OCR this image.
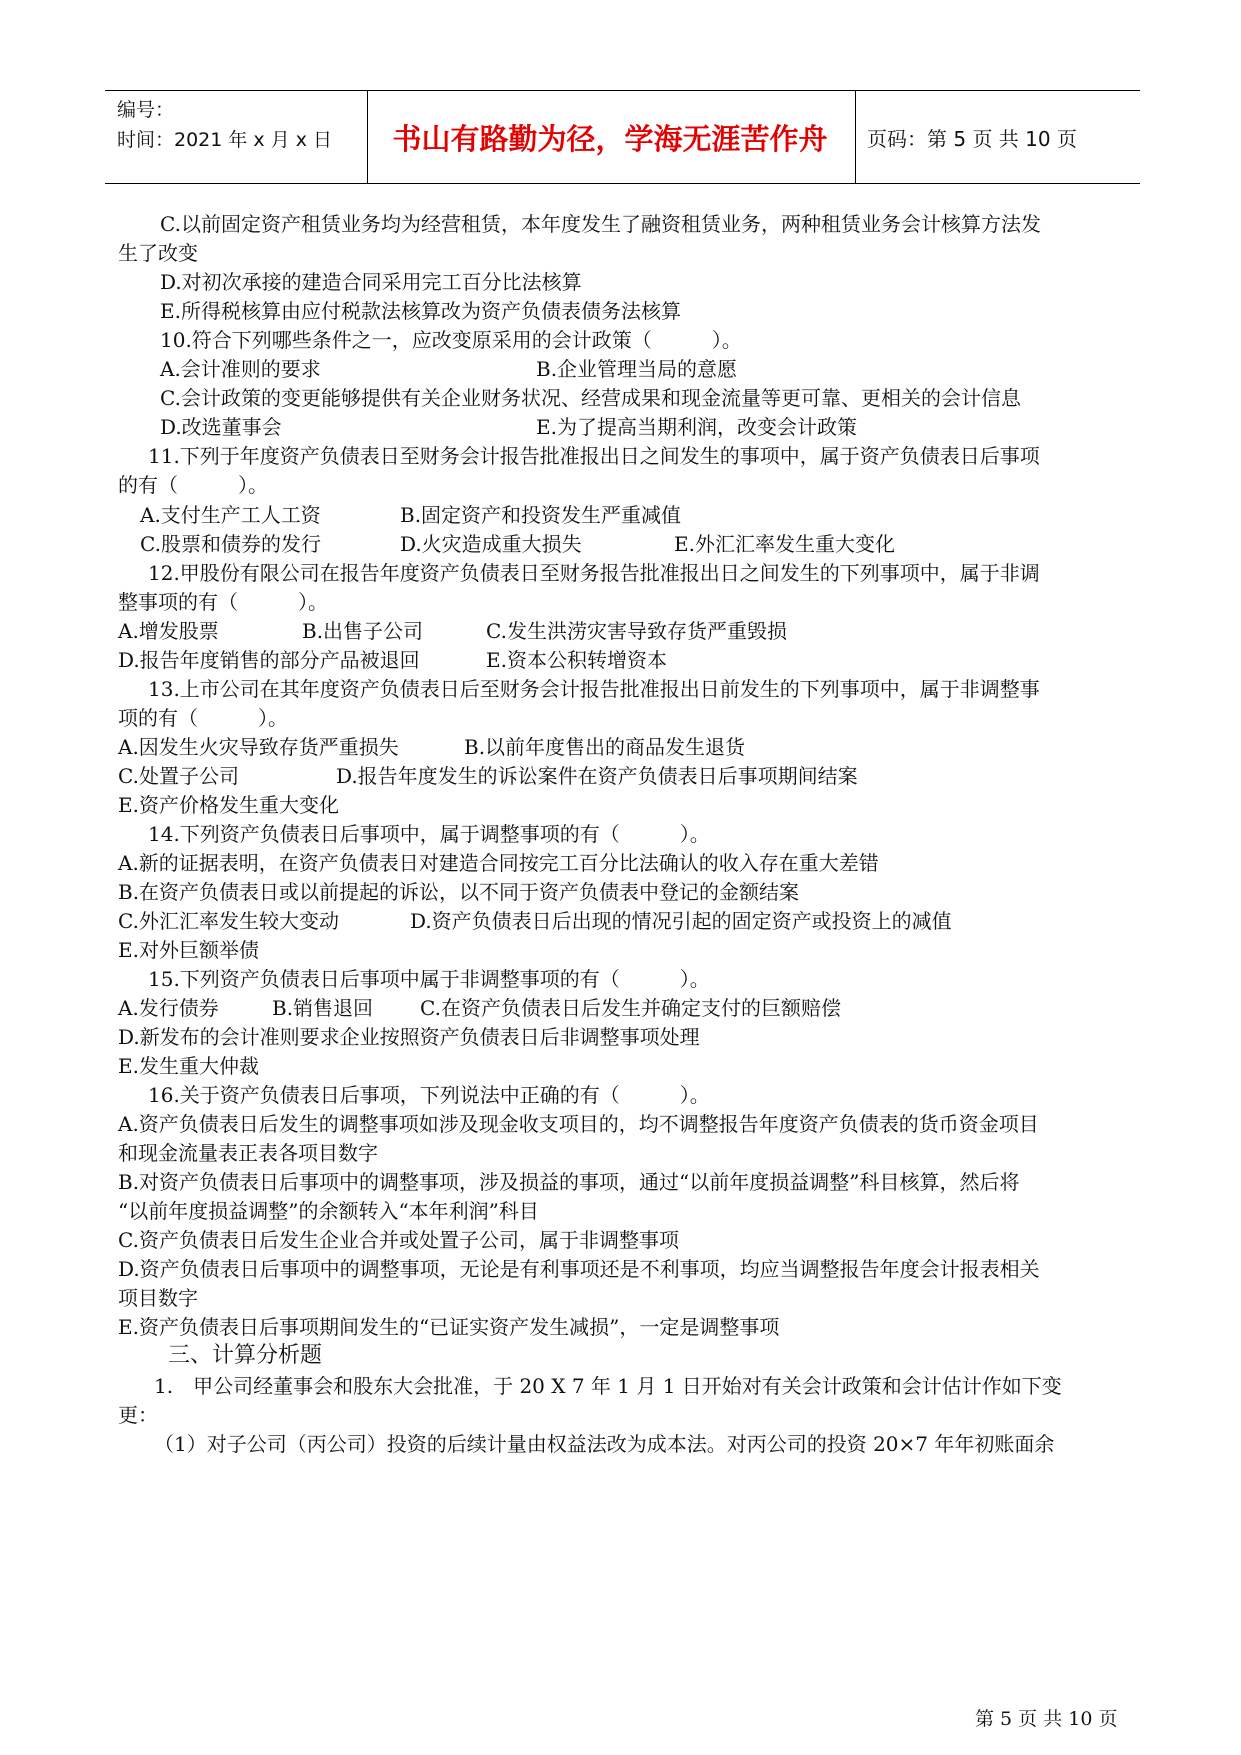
编号：
时间：2021 年 x 月 x 日	书山有路勤为径，学海无涯苦作舟	页码：第 5 页 共 10 页
C.以前固定资产租赁业务均为经营租赁，本年度发生了融资租赁业务，两种租赁业务会计核算方法发
生了改变
D.对初次承接的建造合同采用完工百分比法核算
E.所得税核算由应付税款法核算改为资产负债表债务法核算
10.符合下列哪些条件之一，应改变原采用的会计政策（　　　）。
A.会计准则的要求	B.企业管理当局的意愿
C.会计政策的变更能够提供有关企业财务状况、经营成果和现金流量等更可靠、更相关的会计信息
D.改选董事会	E.为了提高当期利润，改变会计政策
11.下列于年度资产负债表日至财务会计报告批准报出日之间发生的事项中，属于资产负债表日后事项
的有（　　　）。
A.支付生产工人工资	B.固定资产和投资发生严重减值
C.股票和债券的发行	D.火灾造成重大损失	E.外汇汇率发生重大变化
12.甲股份有限公司在报告年度资产负债表日至财务报告批准报出日之间发生的下列事项中，属于非调
整事项的有（　　　）。
A.增发股票	B.出售子公司	C.发生洪涝灾害导致存货严重毁损
D.报告年度销售的部分产品被退回	E.资本公积转增资本
13.上市公司在其年度资产负债表日后至财务会计报告批准报出日前发生的下列事项中，属于非调整事
项的有（　　　）。
A.因发生火灾导致存货严重损失	B.以前年度售出的商品发生退货
C.处置子公司	D.报告年度发生的诉讼案件在资产负债表日后事项期间结案
E.资产价格发生重大变化
14.下列资产负债表日后事项中，属于调整事项的有（　　　）。
A.新的证据表明，在资产负债表日对建造合同按完工百分比法确认的收入存在重大差错
B.在资产负债表日或以前提起的诉讼，以不同于资产负债表中登记的金额结案
C.外汇汇率发生较大变动	D.资产负债表日后出现的情况引起的固定资产或投资上的减值
E.对外巨额举债
15.下列资产负债表日后事项中属于非调整事项的有（　　　）。
A.发行债券	B.销售退回 C.在资产负债表日后发生并确定支付的巨额赔偿
D.新发布的会计准则要求企业按照资产负债表日后非调整事项处理
E.发生重大仲裁
16.关于资产负债表日后事项，下列说法中正确的有（　　　）。
A.资产负债表日后发生的调整事项如涉及现金收支项目的，均不调整报告年度资产负债表的货币资金项目
和现金流量表正表各项目数字
B.对资产负债表日后事项中的调整事项，涉及损益的事项，通过“以前年度损益调整”科目核算，然后将
“以前年度损益调整”的余额转入“本年利润”科目
C.资产负债表日后发生企业合并或处置子公司，属于非调整事项
D.资产负债表日后事项中的调整事项，无论是有利事项还是不利事项，均应当调整报告年度会计报表相关
项目数字
E.资产负债表日后事项期间发生的“已证实资产发生减损”，一定是调整事项
三、计算分析题
1.　甲公司经董事会和股东大会批准，于 20 X 7 年 1 月 1 日开始对有关会计政策和会计估计作如下变
更：
（1）对子公司（丙公司）投资的后续计量由权益法改为成本法。对丙公司的投资 20×7 年年初账面余
第 5 页 共 10 页
